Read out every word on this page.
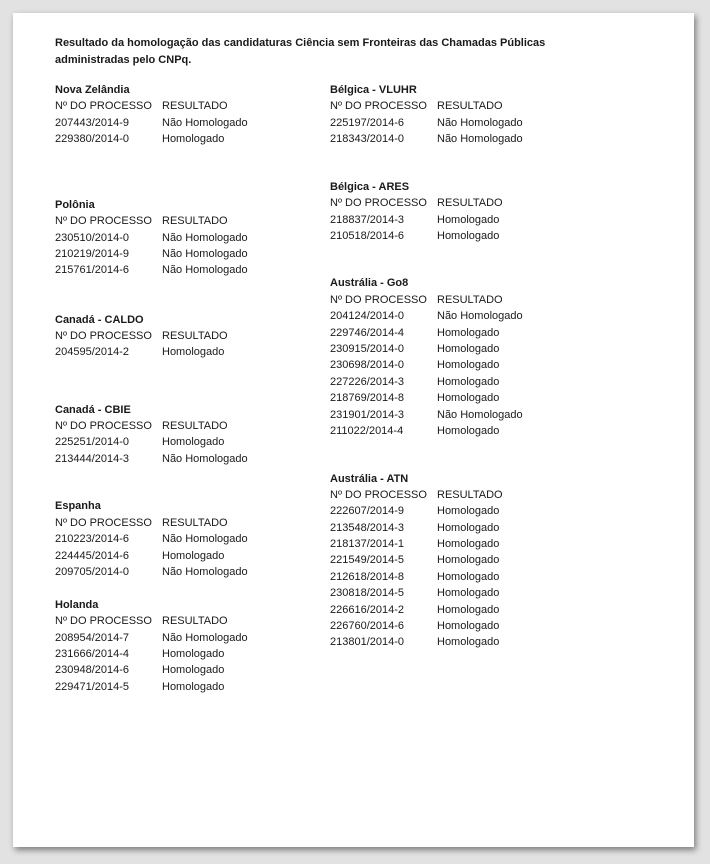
Resultado da homologação das candidaturas Ciência sem Fronteiras das Chamadas Públicas administradas pelo CNPq.
Nova Zelândia
Nº DO PROCESSO RESULTADO
207443/2014-9	Não Homologado
229380/2014-0	Homologado
Polônia
Nº DO PROCESSO RESULTADO
230510/2014-0	Não Homologado
210219/2014-9	Não Homologado
215761/2014-6	Não Homologado
Canadá - CALDO
Nº DO PROCESSO RESULTADO
204595/2014-2	Homologado
Canadá - CBIE
Nº DO PROCESSO RESULTADO
225251/2014-0	Homologado
213444/2014-3	Não Homologado
Espanha
Nº DO PROCESSO RESULTADO
210223/2014-6	Não Homologado
224445/2014-6	Homologado
209705/2014-0	Não Homologado
Holanda
Nº DO PROCESSO RESULTADO
208954/2014-7	Não Homologado
231666/2014-4	Homologado
230948/2014-6	Homologado
229471/2014-5	Homologado
Bélgica - VLUHR
Nº DO PROCESSO RESULTADO
225197/2014-6	Não Homologado
218343/2014-0	Não Homologado
Bélgica - ARES
Nº DO PROCESSO RESULTADO
218837/2014-3	Homologado
210518/2014-6	Homologado
Austrália - Go8
Nº DO PROCESSO RESULTADO
204124/2014-0	Não Homologado
229746/2014-4	Homologado
230915/2014-0	Homologado
230698/2014-0	Homologado
227226/2014-3	Homologado
218769/2014-8	Homologado
231901/2014-3	Não Homologado
211022/2014-4	Homologado
Austrália - ATN
Nº DO PROCESSO RESULTADO
222607/2014-9	Homologado
213548/2014-3	Homologado
218137/2014-1	Homologado
221549/2014-5	Homologado
212618/2014-8	Homologado
230818/2014-5	Homologado
226616/2014-2	Homologado
226760/2014-6	Homologado
213801/2014-0	Homologado
